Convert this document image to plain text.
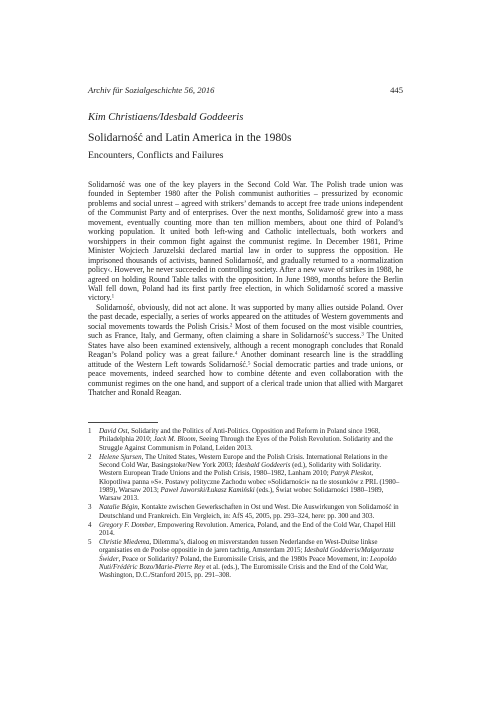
Archiv für Sozialgeschichte 56, 2016	445
Kim Christiaens/Idesbald Goddeeris
Solidarność and Latin America in the 1980s
Encounters, Conflicts and Failures

Solidarność was one of the key players in the Second Cold War. The Polish trade union was founded in September 1980 after the Polish communist authorities – pressurized by economic problems and social unrest – agreed with strikers’ demands to accept free trade unions independent of the Communist Party and of enterprises. Over the next months, Solidarność grew into a mass movement, eventually counting more than ten million members, about one third of Poland’s working population. It united both left-wing and Catholic intellectuals, both workers and worshippers in their common fight against the communist regime. In December 1981, Prime Minister Wojciech Jaruzelski declared martial law in order to suppress the opposition. He imprisoned thousands of activists, banned Solidarność, and gradually returned to a ›normalization policy‹. However, he never succeeded in controlling society. After a new wave of strikes in 1988, he agreed on holding Round Table talks with the opposition. In June 1989, months before the Berlin Wall fell down, Poland had its first partly free election, in which Solidarność scored a massive victory.$^1$

Solidarność, obviously, did not act alone. It was supported by many allies outside Poland. Over the past decade, especially, a series of works appeared on the attitudes of Western governments and social movements towards the Polish Crisis.$^2$ Most of them focused on the most visible countries, such as France, Italy, and Germany, often claiming a share in Solidarność’s success.$^3$ The United States have also been examined extensively, although a recent monograph concludes that Ronald Reagan’s Poland policy was a great failure.$^4$ Another dominant research line is the straddling attitude of the Western Left towards Solidarność.$^5$ Social democratic parties and trade unions, or peace movements, indeed searched how to combine détente and even collaboration with the communist regimes on the one hand, and support of a clerical trade union that allied with Margaret Thatcher and Ronald Reagan.

1	David Ost, Solidarity and the Politics of Anti-Politics. Opposition and Reform in Poland since 1968, Philadelphia 2010; Jack M. Bloom, Seeing Through the Eyes of the Polish Revolution. Solidarity and the Struggle Against Communism in Poland, Leiden 2013.
2	Helene Sjursen, The United States, Western Europe and the Polish Crisis. International Relations in the Second Cold War, Basingstoke/New York 2003; Idesbald Goddeeris (ed.), Solidarity with Solidarity. Western European Trade Unions and the Polish Crisis, 1980–1982, Lanham 2010; Patryk Pleskot, Kłopotliwa panna »S«. Postawy polityczne Zachodu wobec »Solidarności« na tle stosunków z PRL (1980–1989), Warsaw 2013; Paweł Jaworski/Łukasz Kamiński (eds.), Świat wobec Solidarności 1980–1989, Warsaw 2013.
3	Natalie Bégin, Kontakte zwischen Gewerkschaften in Ost und West. Die Auswirkungen von Solidarność in Deutschland und Frankreich. Ein Vergleich, in: AfS 45, 2005, pp. 293–324, here: pp. 300 and 303.
4	Gregory F. Domber, Empowering Revolution. America, Poland, and the End of the Cold War, Chapel Hill 2014.
5	Christie Miedema, Dilemma’s, dialoog en misverstanden tussen Nederlandse en West-Duitse linkse organisaties en de Poolse oppositie in de jaren tachtig, Amsterdam 2015; Idesbald Goddeeris/Małgorzata Świder, Peace or Solidarity? Poland, the Euromissile Crisis, and the 1980s Peace Movement, in: Leopoldo Nuti/Frédéric Bozo/Marie-Pierre Rey et al. (eds.), The Euromissile Crisis and the End of the Cold War, Washington, D.C./Stanford 2015, pp. 291–308.
